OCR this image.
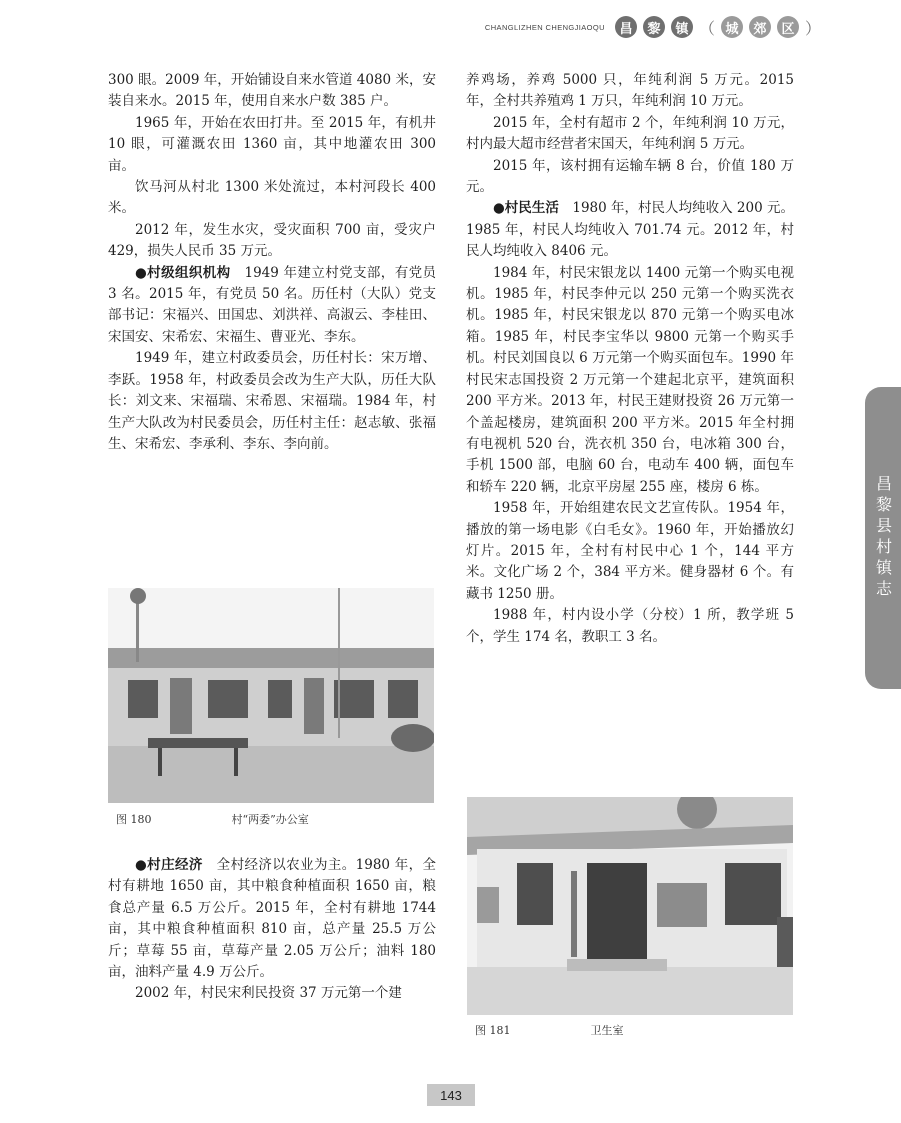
CHANGLIZHEN CHENGJIAOQU	昌	黎	镇 （ 城	郊	区 ）
昌黎县村镇志

300 眼。2009 年，开始铺设自来水管道 4080 米，安装自来水。2015 年，使用自来水户数 385 户。

1965 年，开始在农田打井。至 2015 年，有机井 10 眼，可灌溉农田 1360 亩，其中地灌农田 300 亩。

饮马河从村北 1300 米处流过，本村河段长 400 米。

2012 年，发生水灾，受灾面积 700 亩，受灾户 429，损失人民币 35 万元。

●村级组织机构　1949 年建立村党支部，有党员 3 名。2015 年，有党员 50 名。历任村（大队）党支部书记：宋福兴、田国忠、刘洪祥、高淑云、李桂田、宋国安、宋希宏、宋福生、曹亚光、李东。

1949 年，建立村政委员会，历任村长：宋万增、李跃。1958 年，村政委员会改为生产大队，历任大队长：刘文来、宋福瑞、宋希恩、宋福瑞。1984 年，村生产大队改为村民委员会，历任村主任：赵志敏、张福生、宋希宏、李承利、李东、李向前。

图 180	村“两委”办公室

●村庄经济　全村经济以农业为主。1980 年，全村有耕地 1650 亩，其中粮食种植面积 1650 亩，粮食总产量 6.5 万公斤。2015 年，全村有耕地 1744 亩，其中粮食种植面积 810 亩，总产量 25.5 万公斤；草莓 55 亩，草莓产量 2.05 万公斤；油料 180 亩，油料产量 4.9 万公斤。

2002 年，村民宋利民投资 37 万元第一个建

养鸡场，养鸡 5000 只，年纯利润 5 万元。2015 年，全村共养殖鸡 1 万只，年纯利润 10 万元。

2015 年，全村有超市 2 个，年纯利润 10 万元，村内最大超市经营者宋国天，年纯利润 5 万元。

2015 年，该村拥有运输车辆 8 台，价值 180 万元。

●村民生活　1980 年，村民人均纯收入 200 元。1985 年，村民人均纯收入 701.74 元。2012 年，村民人均纯收入 8406 元。

1984 年，村民宋银龙以 1400 元第一个购买电视机。1985 年，村民李仲元以 250 元第一个购买洗衣机。1985 年，村民宋银龙以 870 元第一个购买电冰箱。1985 年，村民李宝华以 9800 元第一个购买手机。村民刘国良以 6 万元第一个购买面包车。1990 年村民宋志国投资 2 万元第一个建起北京平，建筑面积 200 平方米。2013 年，村民王建财投资 26 万元第一个盖起楼房，建筑面积 200 平方米。2015 年全村拥有电视机 520 台，洗衣机 350 台，电冰箱 300 台，手机 1500 部，电脑 60 台，电动车 400 辆，面包车和轿车 220 辆，北京平房屋 255 座，楼房 6 栋。

1958 年，开始组建农民文艺宣传队。1954 年，播放的第一场电影《白毛女》。1960 年，开始播放幻灯片。2015 年，全村有村民中心 1 个，144 平方米。文化广场 2 个，384 平方米。健身器材 6 个。有藏书 1250 册。

1988 年，村内设小学（分校）1 所，教学班 5 个，学生 174 名，教职工 3 名。

图 181	卫生室
143
